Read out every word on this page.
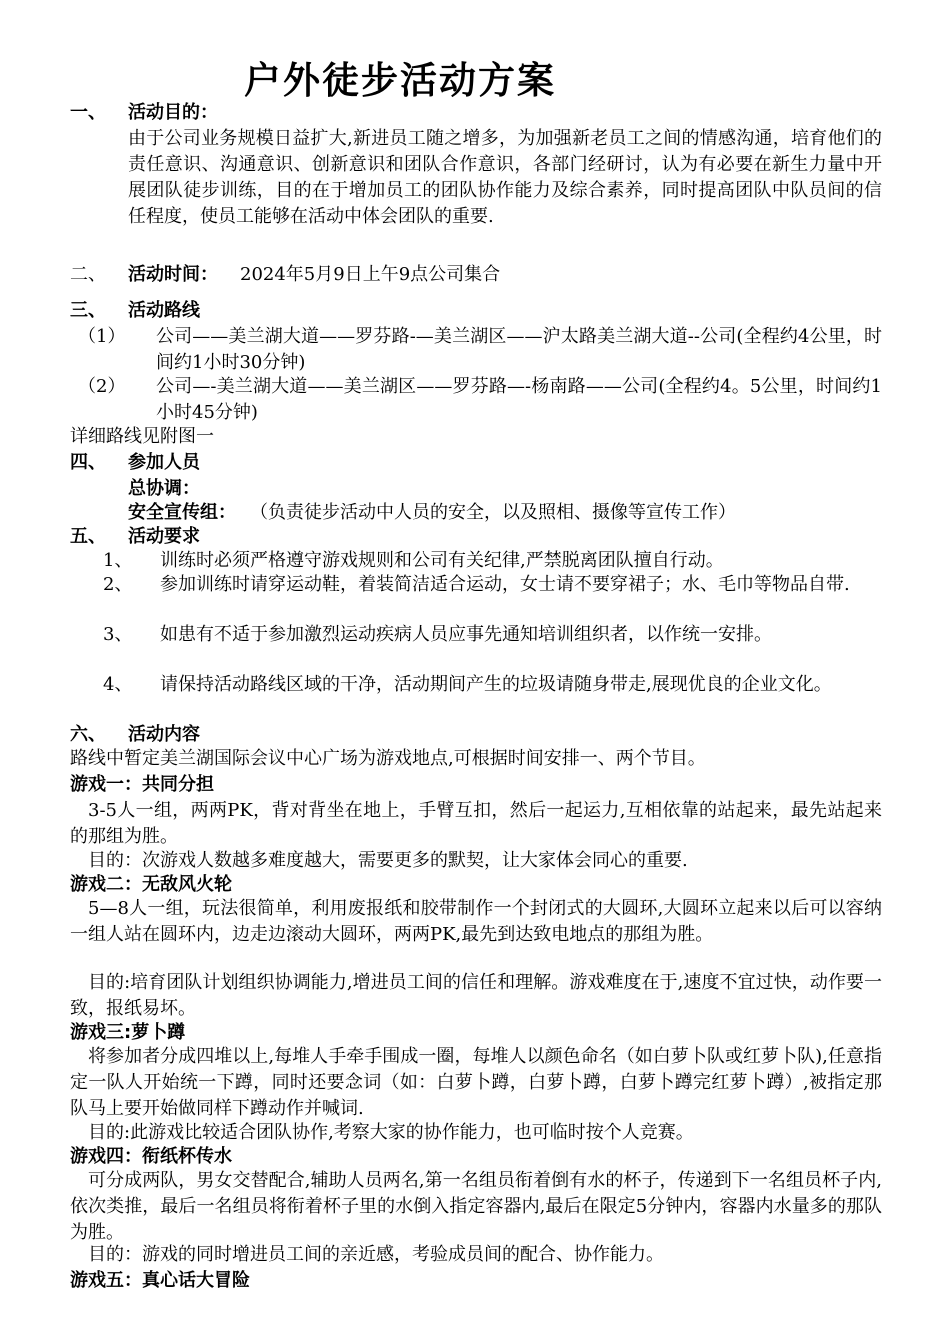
户外徒步活动方案
一、 活动目的：
由于公司业务规模日益扩大,新进员工随之增多，为加强新老员工之间的情感沟通，培育他们的责任意识、沟通意识、创新意识和团队合作意识，各部门经研讨，认为有必要在新生力量中开展团队徒步训练，目的在于增加员工的团队协作能力及综合素养，同时提高团队中队员间的信任程度，使员工能够在活动中体会团队的重要.
二、 活动时间： 2024年5月9日上午9点公司集合
三、 活动路线
（1） 公司——美兰湖大道——罗芬路-—美兰湖区——沪太路美兰湖大道--公司(全程约4公里，时间约1小时30分钟)
（2） 公司—-美兰湖大道——美兰湖区——罗芬路—-杨南路——公司(全程约4。5公里，时间约1小时45分钟)
详细路线见附图一
四、 参加人员
总协调：
安全宣传组： （负责徒步活动中人员的安全，以及照相、摄像等宣传工作）
五、 活动要求
1、 训练时必须严格遵守游戏规则和公司有关纪律,严禁脱离团队擅自行动。
2、 参加训练时请穿运动鞋，着装简洁适合运动，女士请不要穿裙子；水、毛巾等物品自带.
3、 如患有不适于参加激烈运动疾病人员应事先通知培训组织者，以作统一安排。
4、 请保持活动路线区域的干净，活动期间产生的垃圾请随身带走,展现优良的企业文化。
六、 活动内容
路线中暂定美兰湖国际会议中心广场为游戏地点,可根据时间安排一、两个节目。
游戏一：共同分担
3-5人一组，两两PK，背对背坐在地上，手臂互扣，然后一起运力,互相依靠的站起来，最先站起来的那组为胜。
目的：次游戏人数越多难度越大，需要更多的默契，让大家体会同心的重要.
游戏二：无敌风火轮
5—8人一组，玩法很简单，利用废报纸和胶带制作一个封闭式的大圆环,大圆环立起来以后可以容纳一组人站在圆环内，边走边滚动大圆环，两两PK,最先到达致电地点的那组为胜。
目的:培育团队计划组织协调能力,增进员工间的信任和理解。游戏难度在于,速度不宜过快，动作要一致，报纸易坏。
游戏三:萝卜蹲
将参加者分成四堆以上,每堆人手牵手围成一圈，每堆人以颜色命名（如白萝卜队或红萝卜队),任意指定一队人开始统一下蹲，同时还要念词（如：白萝卜蹲，白萝卜蹲，白萝卜蹲完红萝卜蹲）,被指定那队马上要开始做同样下蹲动作并喊词.
目的:此游戏比较适合团队协作,考察大家的协作能力，也可临时按个人竞赛。
游戏四：衔纸杯传水
可分成两队，男女交替配合,辅助人员两名,第一名组员衔着倒有水的杯子，传递到下一名组员杯子内,依次类推，最后一名组员将衔着杯子里的水倒入指定容器内,最后在限定5分钟内，容器内水量多的那队为胜。
目的：游戏的同时增进员工间的亲近感，考验成员间的配合、协作能力。
游戏五：真心话大冒险
